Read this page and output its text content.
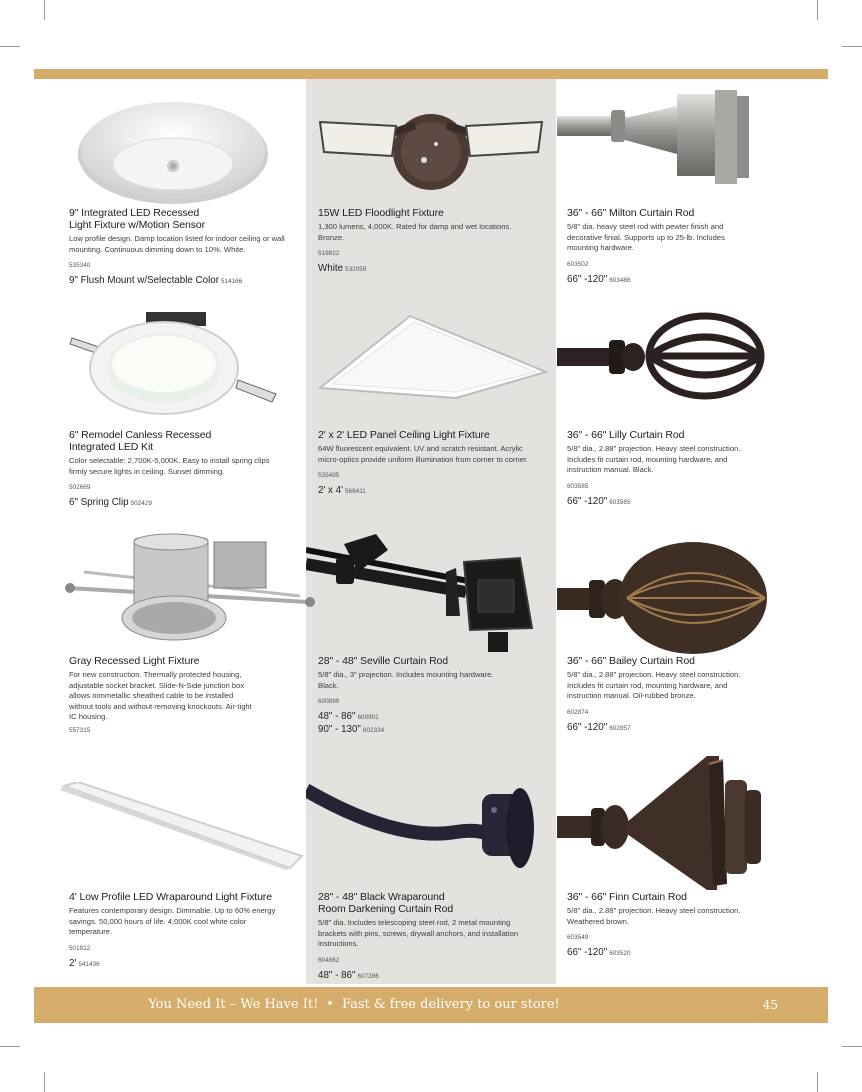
9" Integrated LED Recessed Light Fixture w/Motion Sensor
Low profile design. Damp location listed for indoor ceiling or wall mounting. Continuous dimming down to 10%. White.
535340
9" Flush Mount w/Selectable Color 514166
15W LED Floodlight Fixture
1,300 lumens, 4,000K. Rated for damp and wet locations. Bronze.
519822
White 532059
36" - 66" Milton Curtain Rod
5/8" dia. heavy steel rod with pewter finish and decorative finial. Supports up to 25-lb. Includes mounting hardware.
603502
66" -120" 603486
6" Remodel Canless Recessed Integrated LED Kit
Color selectable: 2,700K-5,000K. Easy to install spring clips firmly secure lights in ceiling. Sunset dimming.
502669
6" Spring Clip 502429
2' x 2' LED Panel Ceiling Light Fixture
64W fluorescent equivalent. UV and scratch resistant. Acrylic micro-optics provide uniform illumination from corner to corner.
535495
2' x 4' 568411
36" - 66" Lilly Curtain Rod
5/8" dia., 2.88" projection. Heavy steel construction. Includes fit curtain rod, mounting hardware, and instruction manual. Black.
603585
66" -120" 603565
Gray Recessed Light Fixture
For new construction. Thermally protected housing, adjustable socket bracket. Slide-N-Side junction box allows nonmetallic sheathed cable to be installed without tools and without removing knockouts. Air-tight IC housing.
557315
28" - 48" Seville Curtain Rod
5/8" dia., 3" projection. Includes mounting hardware. Black.
600899
48" - 86" 600901
90" - 130" 602334
36" - 66" Bailey Curtain Rod
5/8" dia., 2.88" projection. Heavy steel construction. Includes fit curtain rod, mounting hardware, and instruction manual. Oil-rubbed bronze.
602874
66" -120" 602857
4' Low Profile LED Wraparound Light Fixture
Features contemporary design. Dimmable. Up to 60% energy savings. 50,000 hours of life. 4,000K cool white color temperature.
501912
2' 541436
28" - 48" Black Wraparound Room Darkening Curtain Rod
5/8" dia. Includes telescoping steel rod, 2 metal mounting brackets with pins, screws, drywall anchors, and installation instructions.
604862
48" - 86" 607286
36" - 66" Finn Curtain Rod
5/8" dia., 2.88" projection. Heavy steel construction. Weathered brown.
603549
66" -120" 603520
You Need It – We Have It! • Fast & free delivery to our store!	45
